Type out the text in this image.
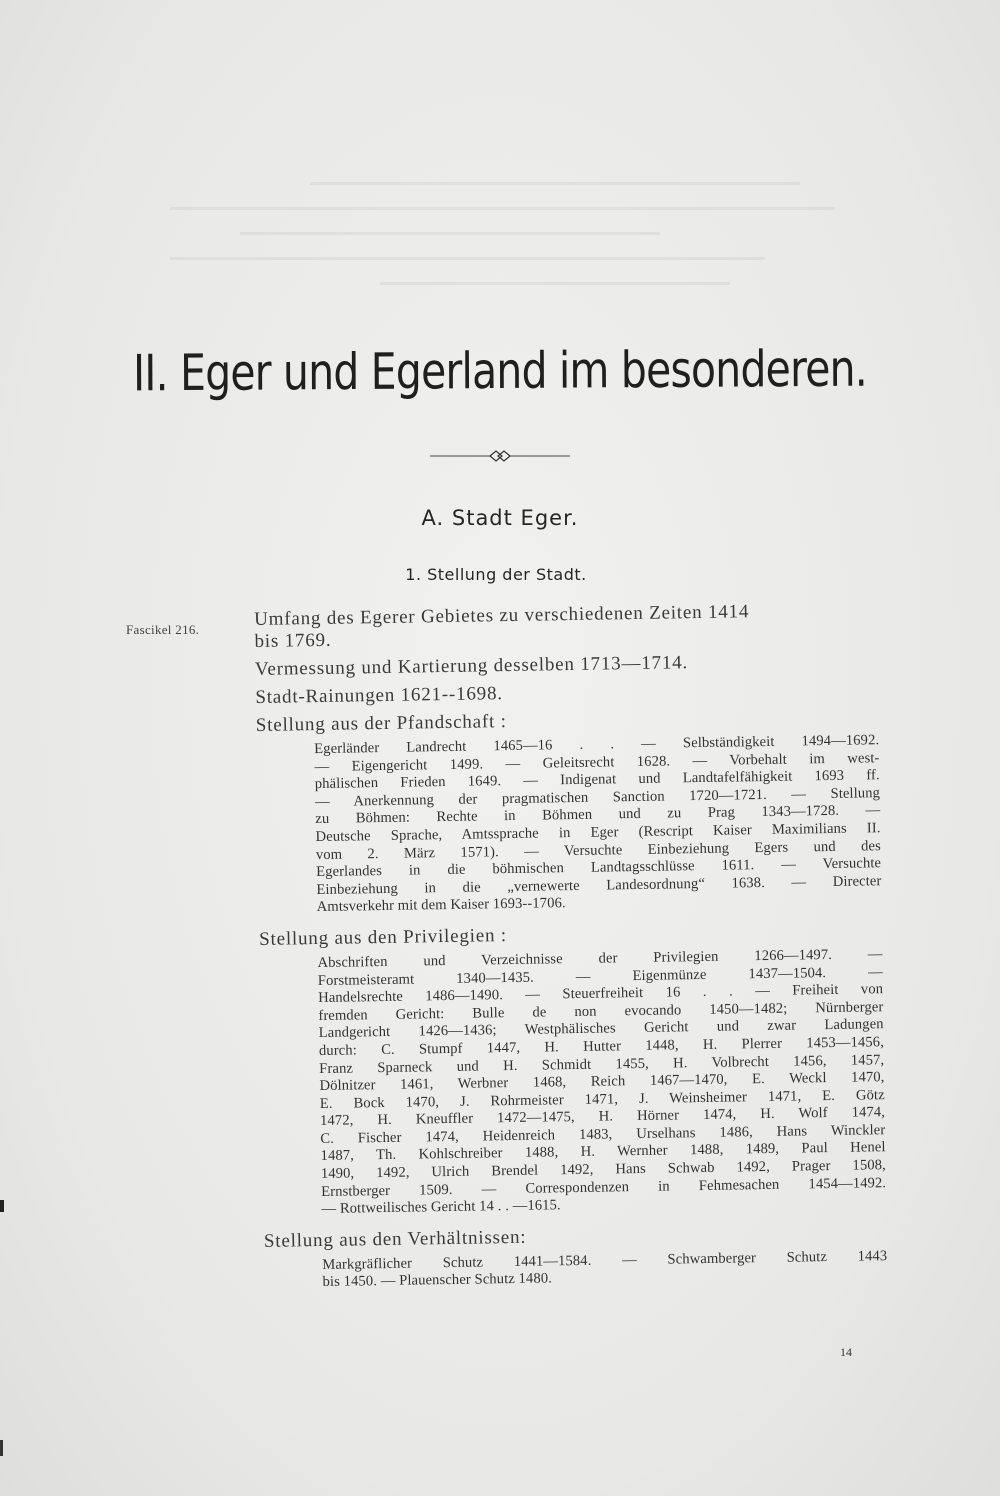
II. Eger und Egerland im besonderen.
A. Stadt Eger.
1. Stellung der Stadt.
Fascikel 216.	Umfang des Egerer Gebietes zu verschiedenen Zeiten 1414
bis 1769.
Vermessung und Kartierung desselben 1713—1714.
Stadt-Rainungen 1621--1698.
Stellung aus der Pfandschaft :
Egerländer Landrecht 1465—16 . . — Selbständigkeit 1494—1692.
— Eigengericht 1499. — Geleitsrecht 1628. — Vorbehalt im west-
phälischen Frieden 1649. — Indigenat und Landtafelfähigkeit 1693 ff.
— Anerkennung der pragmatischen Sanction 1720—1721. — Stellung
zu Böhmen: Rechte in Böhmen und zu Prag 1343—1728. —
Deutsche Sprache, Amtssprache in Eger (Rescript Kaiser Maximilians II.
vom 2. März 1571). — Versuchte Einbeziehung Egers und des
Egerlandes in die böhmischen Landtagsschlüsse 1611. — Versuchte
Einbeziehung in die „vernewerte Landesordnung“ 1638. — Directer
Amtsverkehr mit dem Kaiser 1693--1706.
Stellung aus den Privilegien :
Abschriften und Verzeichnisse der Privilegien 1266—1497. —
Forstmeisteramt 1340—1435. — Eigenmünze 1437—1504. —
Handelsrechte 1486—1490. — Steuerfreiheit 16 . . — Freiheit von
fremden Gericht: Bulle de non evocando 1450—1482; Nürnberger
Landgericht 1426—1436; Westphälisches Gericht und zwar Ladungen
durch: C. Stumpf 1447, H. Hutter 1448, H. Plerrer 1453—1456,
Franz Sparneck und H. Schmidt 1455, H. Volbrecht 1456, 1457,
Dölnitzer 1461, Werbner 1468, Reich 1467—1470, E. Weckl 1470,
E. Bock 1470, J. Rohrmeister 1471, J. Weinsheimer 1471, E. Götz
1472, H. Kneuffler 1472—1475, H. Hörner 1474, H. Wolf 1474,
C. Fischer 1474, Heidenreich 1483, Urselhans 1486, Hans Winckler
1487, Th. Kohlschreiber 1488, H. Wernher 1488, 1489, Paul Henel
1490, 1492, Ulrich Brendel 1492, Hans Schwab 1492, Prager 1508,
Ernstberger 1509. — Correspondenzen in Fehmesachen 1454—1492.
— Rottweilisches Gericht 14 . . —1615.
Stellung aus den Verhältnissen:
Markgräflicher Schutz 1441—1584. — Schwamberger Schutz 1443
bis 1450. — Plauenscher Schutz 1480.
14
